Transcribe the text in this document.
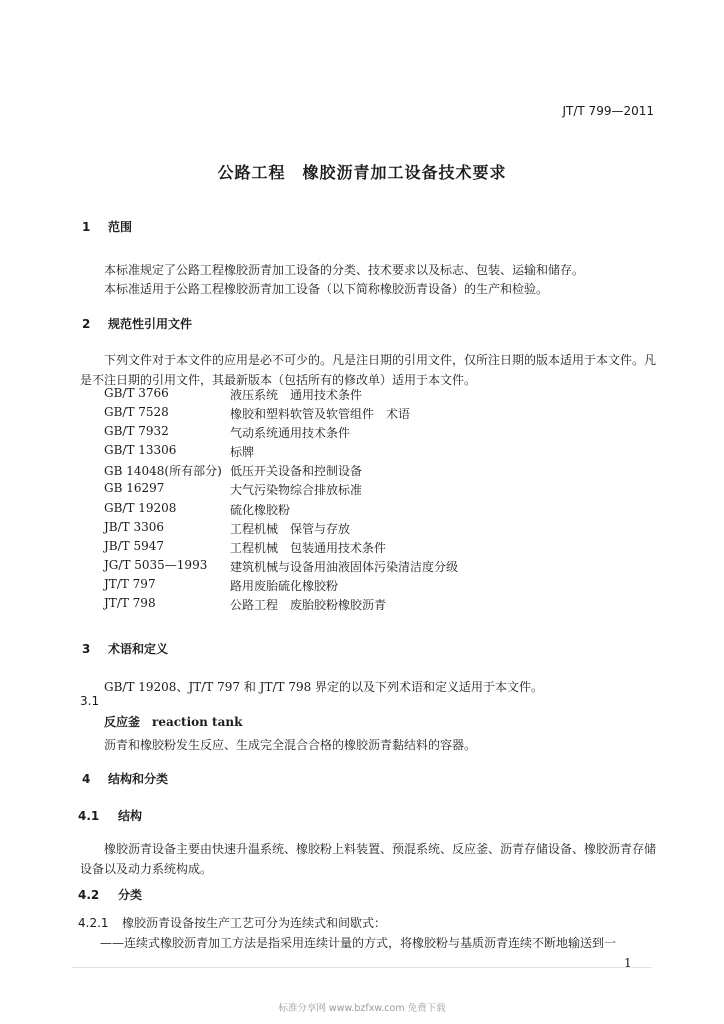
JT/T 799—2011
公路工程　橡胶沥青加工设备技术要求
1 范围
本标准规定了公路工程橡胶沥青加工设备的分类、技术要求以及标志、包装、运输和储存。
本标准适用于公路工程橡胶沥青加工设备（以下简称橡胶沥青设备）的生产和检验。
2 规范性引用文件
下列文件对于本文件的应用是必不可少的。凡是注日期的引用文件，仅所注日期的版本适用于本文件。凡是不注日期的引用文件，其最新版本（包括所有的修改单）适用于本文件。
GB/T 3766	液压系统　通用技术条件
GB/T 7528	橡胶和塑料软管及软管组件　术语
GB/T 7932	气动系统通用技术条件
GB/T 13306	标牌
GB 14048(所有部分) 低压开关设备和控制设备
GB 16297	大气污染物综合排放标准
GB/T 19208	硫化橡胶粉
JB/T 3306	工程机械　保管与存放
JB/T 5947	工程机械　包装通用技术条件
JG/T 5035—1993	建筑机械与设备用油液固体污染清洁度分级
JT/T 797	路用废胎硫化橡胶粉
JT/T 798	公路工程　废胎胶粉橡胶沥青
3 术语和定义
GB/T 19208、JT/T 797 和 JT/T 798 界定的以及下列术语和定义适用于本文件。
3.1
反应釜　reaction tank
沥青和橡胶粉发生反应、生成完全混合合格的橡胶沥青黏结料的容器。
4 结构和分类
4.1 结构
橡胶沥青设备主要由快速升温系统、橡胶粉上料装置、预混系统、反应釜、沥青存储设备、橡胶沥青存储设备以及动力系统构成。
4.2 分类
4.2.1 橡胶沥青设备按生产工艺可分为连续式和间歇式：
——连续式橡胶沥青加工方法是指采用连续计量的方式，将橡胶粉与基质沥青连续不断地输送到一
1
标准分享网 www.bzfxw.com 免费下载
